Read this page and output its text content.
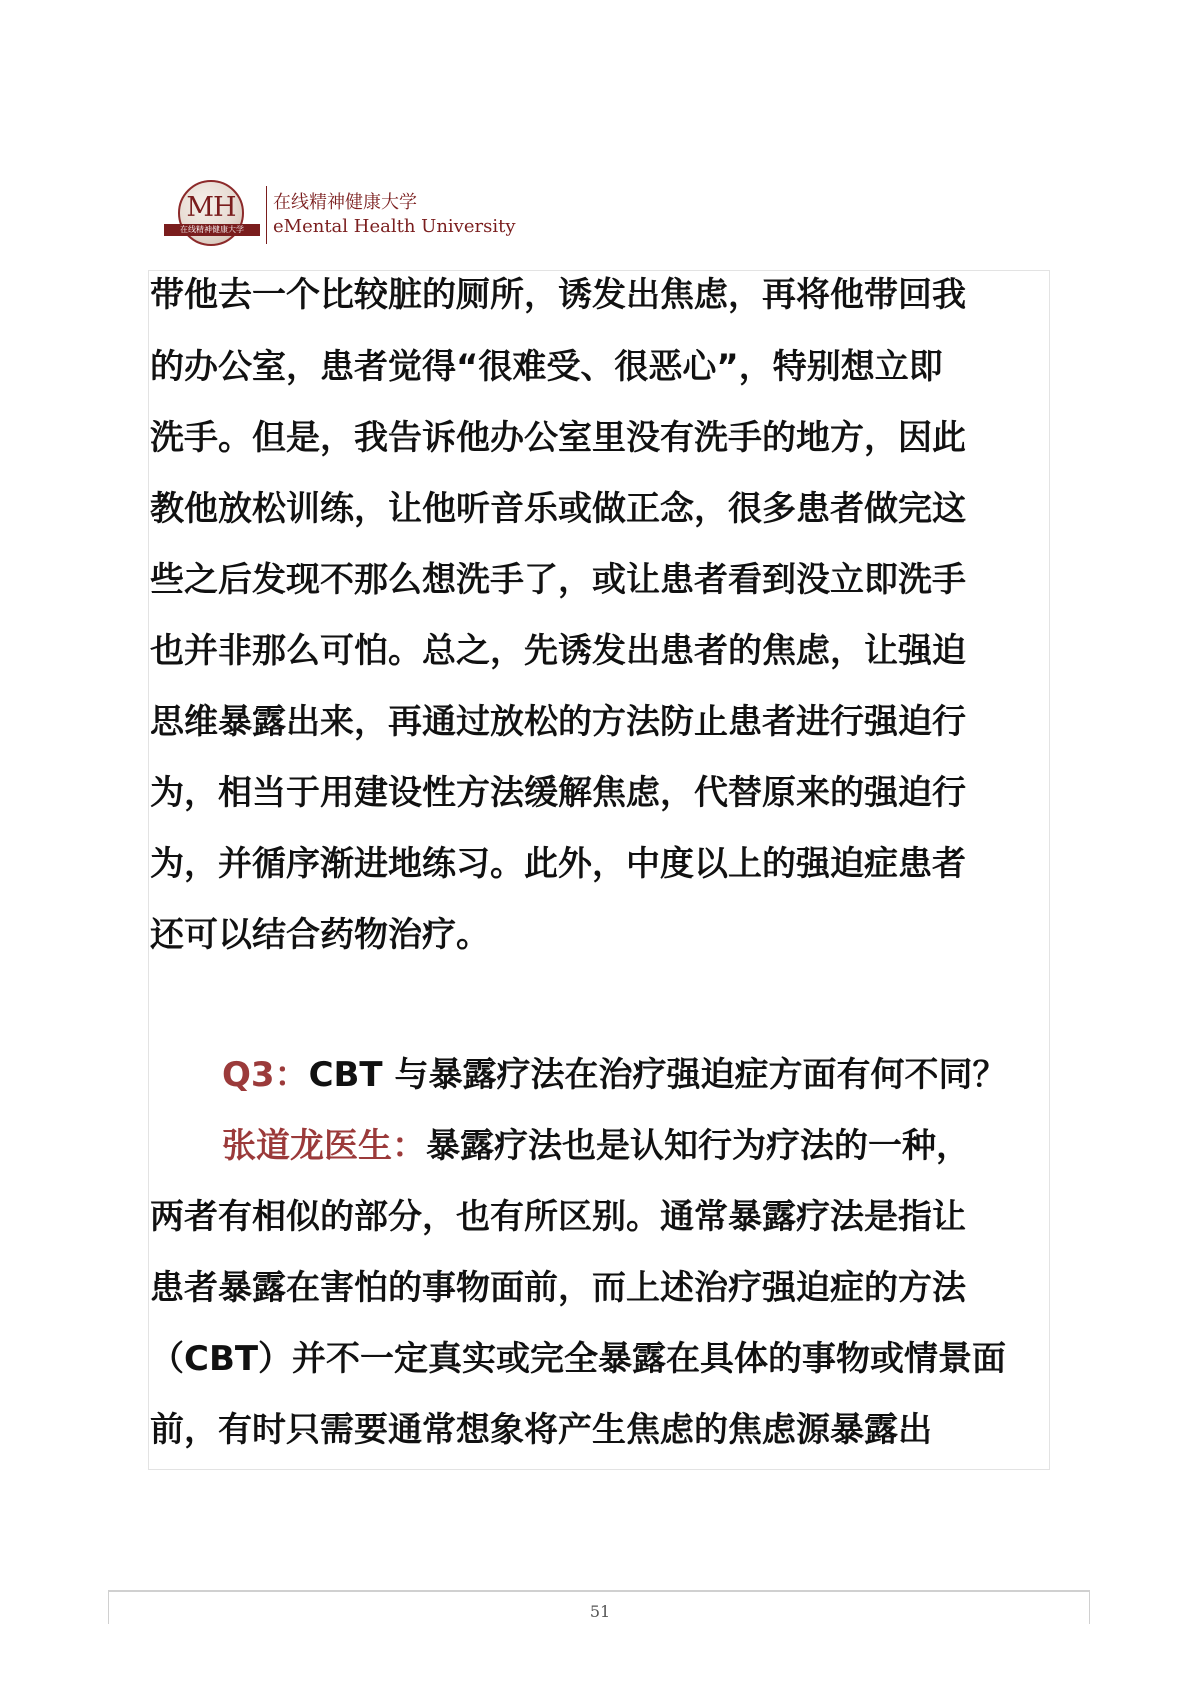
MH
在线精神健康大学
在线精神健康大学
eMental Health University
带他去一个比较脏的厕所，诱发出焦虑，再将他带回我
的办公室，患者觉得“很难受、很恶心”，特别想立即
洗手。但是，我告诉他办公室里没有洗手的地方，因此
教他放松训练，让他听音乐或做正念，很多患者做完这
些之后发现不那么想洗手了，或让患者看到没立即洗手
也并非那么可怕。总之，先诱发出患者的焦虑，让强迫
思维暴露出来，再通过放松的方法防止患者进行强迫行
为，相当于用建设性方法缓解焦虑，代替原来的强迫行
为，并循序渐进地练习。此外，中度以上的强迫症患者
还可以结合药物治疗。
Q3：CBT 与暴露疗法在治疗强迫症方面有何不同？
张道龙医生：暴露疗法也是认知行为疗法的一种，
两者有相似的部分，也有所区别。通常暴露疗法是指让
患者暴露在害怕的事物面前，而上述治疗强迫症的方法
（CBT）并不一定真实或完全暴露在具体的事物或情景面
前，有时只需要通常想象将产生焦虑的焦虑源暴露出
51
